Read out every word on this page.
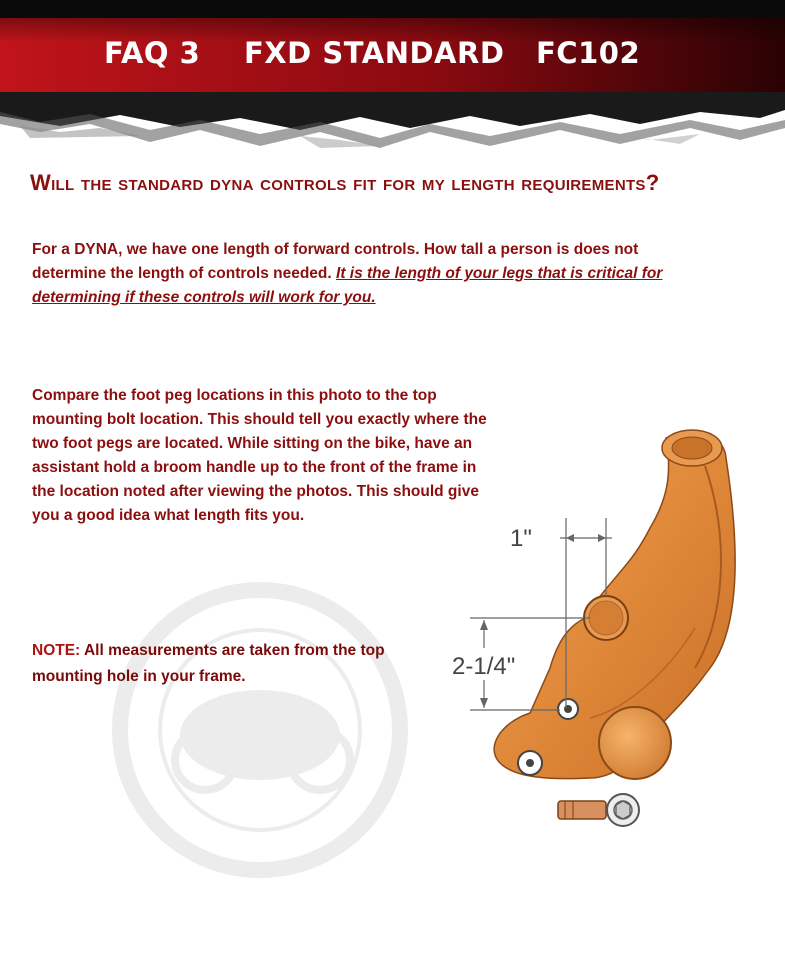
FAQ 3 FXD STANDARD FC102
Will the standard dyna controls fit for my length requirements?
For a DYNA, we have one length of forward controls. How tall a person is does not determine the length of controls needed. It is the length of your legs that is critical for determining if these controls will work for you.
Compare the foot peg locations in this photo to the top mounting bolt location. This should tell you exactly where the two foot pegs are located. While sitting on the bike, have an assistant hold a broom handle up to the front of the frame in the location noted after viewing the photos. This should give you a good idea what length fits you.
NOTE: All measurements are taken from the top mounting hole in your frame.
1"
2-1/4"
